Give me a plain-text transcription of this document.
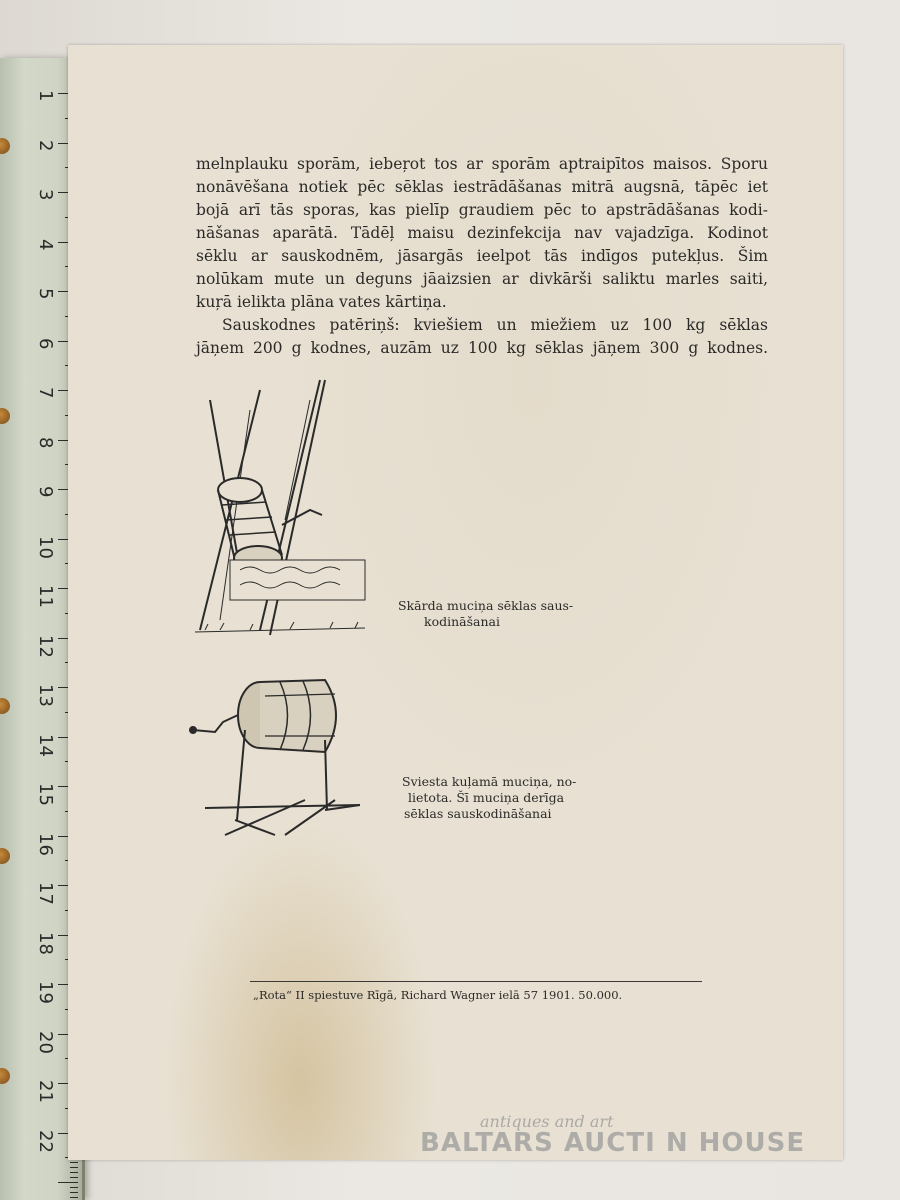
1
2
3
4
5
6
7
8
9
10
11
12
13
14
15
16
17
18
19
20
21
22

melnplauku sporām, iebeŗot tos ar sporām aptraipītos maisos. Sporu
nonāvēšana notiek pēc sēklas iestrādāšanas mitrā augsnā, tāpēc iet
bojā arī tās sporas, kas pielīp graudiem pēc to apstrādāšanas kodi-
nāšanas aparātā. Tādēļ maisu dezinfekcija nav vajadzīga. Kodinot
sēklu ar sauskodnēm, jāsargās ieelpot tās indīgos putekļus. Šim
nolūkam mute un deguns jāaizsien ar divkārši saliktu marles saiti,
kuŗā ielikta plāna vates kārtiņa.

Sauskodnes patēriņš: kviešiem un miežiem uz 100 kg sēklas
jāņem 200 g kodnes, auzām uz 100 kg sēklas jāņem 300 g kodnes.

Skārda muciņa sēklas saus-
kodināšanai
Sviesta kuļamā muciņa, no-
lietota. Šī muciņa derīga
sēklas sauskodināšanai
„Rota“ II spiestuve Rīgā, Richard Wagner ielā 57 1901. 50.000.
antiques and art
BALTARS AUCTI N HOUSE
